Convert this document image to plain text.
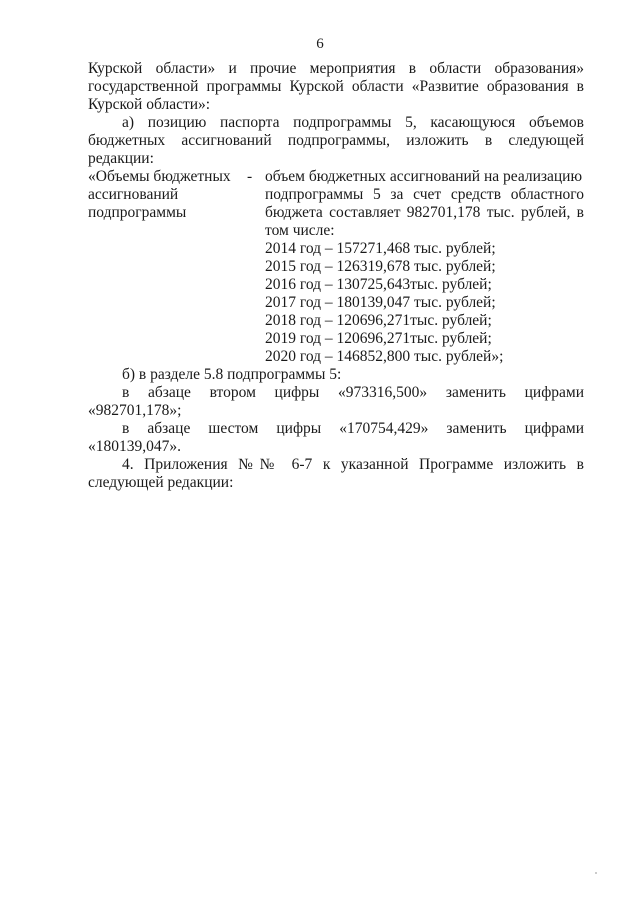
6
Курской области» и прочие мероприятия в области образования»
государственной программы Курской области «Развитие образования в
Курской области»:
а) позицию паспорта подпрограммы 5, касающуюся объемов
бюджетных ассигнований подпрограммы, изложить в следующей
редакции:
«Объемы бюджетных
ассигнований
подпрограммы
- объем бюджетных ассигнований на реализацию
подпрограммы 5 за счет средств областного
бюджета составляет 982701,178 тыс. рублей, в
том числе:
2014 год – 157271,468 тыс. рублей;
2015 год – 126319,678 тыс. рублей;
2016 год – 130725,643тыс. рублей;
2017 год – 180139,047 тыс. рублей;
2018 год – 120696,271тыс. рублей;
2019 год – 120696,271тыс. рублей;
2020 год – 146852,800 тыс. рублей»;
б) в разделе 5.8 подпрограммы 5:
в абзаце втором цифры «973316,500» заменить цифрами
«982701,178»;
в абзаце шестом цифры «170754,429» заменить цифрами
«180139,047».
4. Приложения №№ 6-7 к указанной Программе изложить в
следующей редакции:
